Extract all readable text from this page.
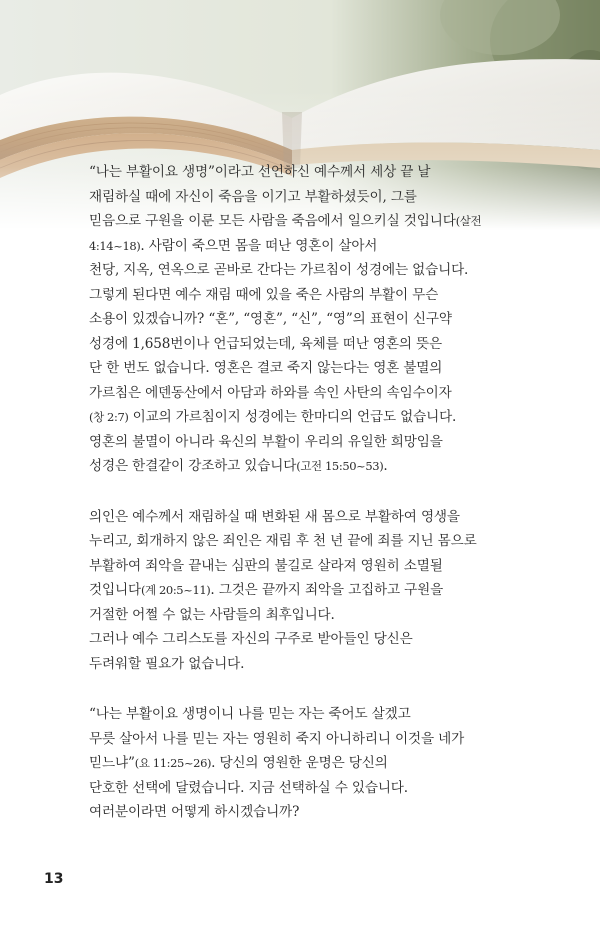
“나는 부활이요 생명”이라고 선언하신 예수께서 세상 끝 날
재림하실 때에 자신이 죽음을 이기고 부활하셨듯이, 그를
믿음으로 구원을 이룬 모든 사람을 죽음에서 일으키실 것입니다(살전
4:14~18). 사람이 죽으면 몸을 떠난 영혼이 살아서
천당, 지옥, 연옥으로 곧바로 간다는 가르침이 성경에는 없습니다.
그렇게 된다면 예수 재림 때에 있을 죽은 사람의 부활이 무슨
소용이 있겠습니까? “혼”, “영혼”, “신”, “영”의 표현이 신구약
성경에 1,658번이나 언급되었는데, 육체를 떠난 영혼의 뜻은
단 한 번도 없습니다. 영혼은 결코 죽지 않는다는 영혼 불멸의
가르침은 에덴동산에서 아담과 하와를 속인 사탄의 속임수이자
(창 2:7) 이교의 가르침이지 성경에는 한마디의 언급도 없습니다.
영혼의 불멸이 아니라 육신의 부활이 우리의 유일한 희망임을
성경은 한결같이 강조하고 있습니다(고전 15:50~53).

의인은 예수께서 재림하실 때 변화된 새 몸으로 부활하여 영생을
누리고, 회개하지 않은 죄인은 재림 후 천 년 끝에 죄를 지닌 몸으로
부활하여 죄악을 끝내는 심판의 불길로 살라져 영원히 소멸될
것입니다(계 20:5~11). 그것은 끝까지 죄악을 고집하고 구원을
거절한 어쩔 수 없는 사람들의 최후입니다.
그러나 예수 그리스도를 자신의 구주로 받아들인 당신은
두려워할 필요가 없습니다.

“나는 부활이요 생명이니 나를 믿는 자는 죽어도 살겠고
무릇 살아서 나를 믿는 자는 영원히 죽지 아니하리니 이것을 네가
믿느냐”(요 11:25~26). 당신의 영원한 운명은 당신의
단호한 선택에 달렸습니다. 지금 선택하실 수 있습니다.
여러분이라면 어떻게 하시겠습니까?

13
